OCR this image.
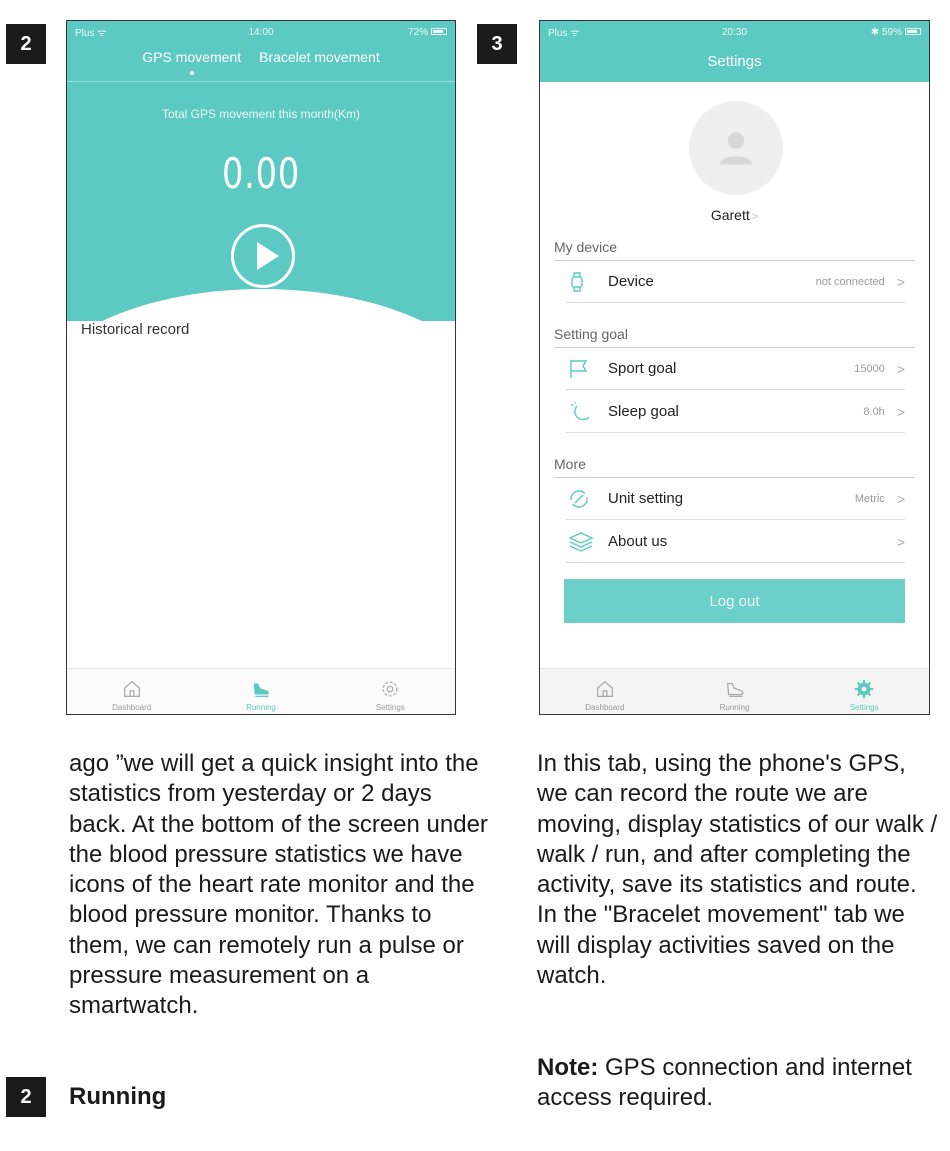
2	3
Plus ᯤ	14:00	72%
GPS movement Bracelet movement
Total GPS movement this month(Km)
0.00
Historical record
Dashboard	Running	Settings
Plus ᯤ	20:30	✱ 59%
Settings
Garett >
My device
Device	not connected >
Setting goal
Sport goal	15000 >
Sleep goal	8.0h >
More
Unit setting	Metric >
About us	>
Log out
Dashboard	Running	Settings
ago ”we will get a quick insight into the statistics from yesterday or 2 days back. At the bottom of the screen under the blood pressure statistics we have icons of the heart rate monitor and the blood pressure monitor. Thanks to them, we can remotely run a pulse or pressure measurement on a smartwatch.
In this tab, using the phone's GPS, we can record the route we are moving, display statistics of our walk / walk / run, and after completing the activity, save its statistics and route.
In the "Bracelet movement" tab we will display activities saved on the watch.
Note: GPS connection and internet access required.
2	Running
